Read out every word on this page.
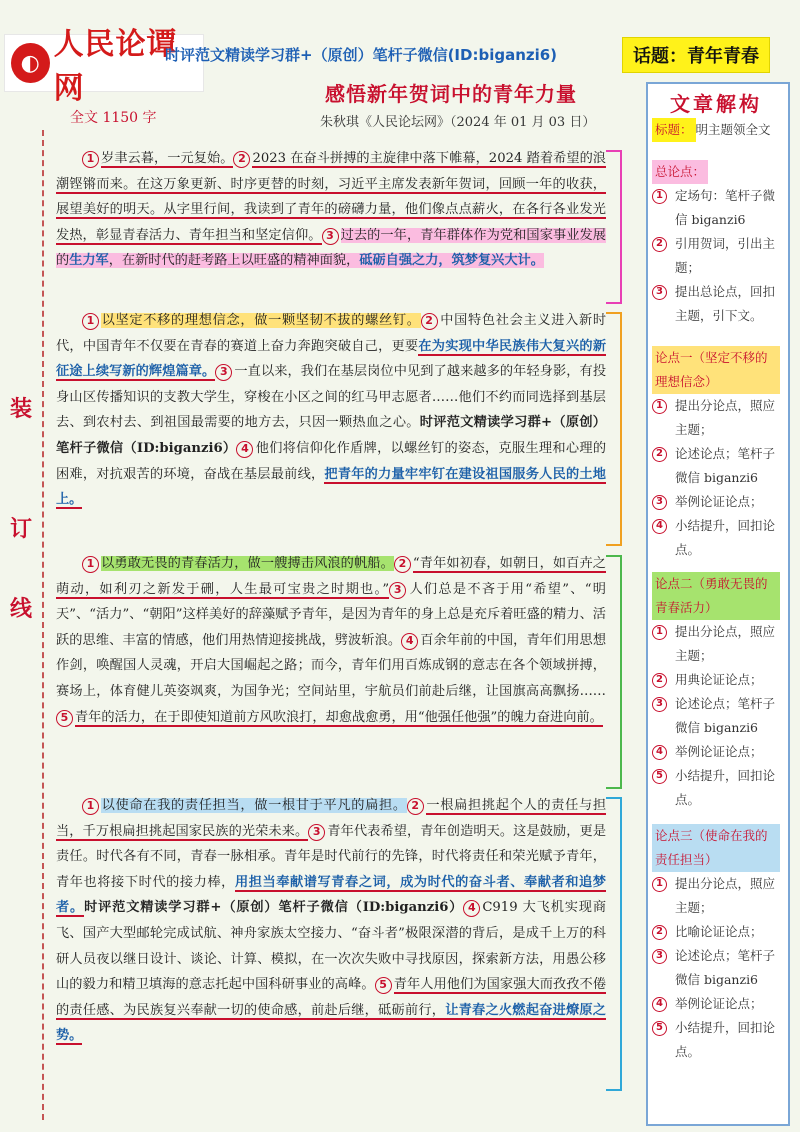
◐
人民论谭网
时评范文精读学习群+（原创）笔杆子微信(ID:biganzi6)	话题：青年青春
感悟新年贺词中的青年力量
全文 1150 字	朱秋琪《人民论坛网》（2024 年 01 月 03 日）
装
订
线
1 岁聿云暮，一元复始。 2 2023 在奋斗拼搏的主旋律中落下帷幕，2024 踏着希望的浪潮铿锵而来。在这万象更新、时序更替的时刻，习近平主席发表新年贺词，回顾一年的收获，展望美好的明天。从字里行间，我读到了青年的磅礴力量，他们像点点薪火，在各行各业发光发热，彰显青春活力、青年担当和坚定信仰。 3 过去的一年，青年群体作为党和国家事业发展的生力军，在新时代的赶考路上以旺盛的精神面貌，砥砺自强之力，筑梦复兴大计。
1 以坚定不移的理想信念，做一颗坚韧不拔的螺丝钉。 2 中国特色社会主义进入新时代，中国青年不仅要在青春的赛道上奋力奔跑突破自己，更要在为实现中华民族伟大复兴的新征途上续写新的辉煌篇章。 3 一直以来，我们在基层岗位中见到了越来越多的年轻身影，有投身山区传播知识的支教大学生，穿梭在小区之间的红马甲志愿者……他们不约而同选择到基层去、到农村去、到祖国最需要的地方去，只因一颗热血之心。时评范文精读学习群+（原创）笔杆子微信（ID:biganzi6） 4 他们将信仰化作盾牌，以螺丝钉的姿态，克服生理和心理的困难，对抗艰苦的环境，奋战在基层最前线，把青年的力量牢牢钉在建设祖国服务人民的土地上。
1 以勇敢无畏的青春活力，做一艘搏击风浪的帆船。 2 “青年如初春，如朝日，如百卉之萌动，如利刃之新发于硎，人生最可宝贵之时期也。” 3 人们总是不吝于用“希望”、“明天”、“活力”、“朝阳”这样美好的辞藻赋予青年，是因为青年的身上总是充斥着旺盛的精力、活跃的思维、丰富的情感，他们用热情迎接挑战，劈波斩浪。 4 百余年前的中国，青年们用思想作剑，唤醒国人灵魂，开启大国崛起之路；而今，青年们用百炼成钢的意志在各个领域拼搏，赛场上，体育健儿英姿飒爽，为国争光；空间站里，宇航员们前赴后继，让国旗高高飘扬……5 青年的活力，在于即使知道前方风吹浪打，却愈战愈勇，用“他强任他强”的魄力奋进向前。
1 以使命在我的责任担当，做一根甘于平凡的扁担。 2 一根扁担挑起个人的责任与担当，千万根扁担挑起国家民族的光荣未来。 3 青年代表希望，青年创造明天。这是鼓励，更是责任。时代各有不同，青春一脉相承。青年是时代前行的先锋，时代将责任和荣光赋予青年，青年也将接下时代的接力棒，用担当奉献谱写青春之词，成为时代的奋斗者、奉献者和追梦者。时评范文精读学习群+（原创）笔杆子微信（ID:biganzi6） 4 C919 大飞机实现商飞、国产大型邮轮完成试航、神舟家族太空接力、“奋斗者”极限深潜的背后，是成千上万的科研人员夜以继日设计、谈论、计算、模拟，在一次次失败中寻找原因，探索新方法，用愚公移山的毅力和精卫填海的意志托起中国科研事业的高峰。 5 青年人用他们为国家强大而孜孜不倦的责任感、为民族复兴奉献一切的使命感，前赴后继，砥砺前行，让青春之火燃起奋进燎原之势。
文章解构
标题： 明主题领全文
总论点：
1 定场句：笔杆子微信 biganzi6
2 引用贺词，引出主题；
3 提出总论点，回扣主题，引下文。
论点一（坚定不移的理想信念）
1 提出分论点，照应主题；
2 论述论点；笔杆子微信 biganzi6
3 举例论证论点；
4 小结提升，回扣论点。
论点二（勇敢无畏的青春活力）
1 提出分论点，照应主题；
2 用典论证论点；
3 论述论点；笔杆子微信 biganzi6
4 举例论证论点；
5 小结提升，回扣论点。
论点三（使命在我的责任担当）
1 提出分论点，照应主题；
2 比喻论证论点；
3 论述论点；笔杆子微信 biganzi6
4 举例论证论点；
5 小结提升，回扣论点。
